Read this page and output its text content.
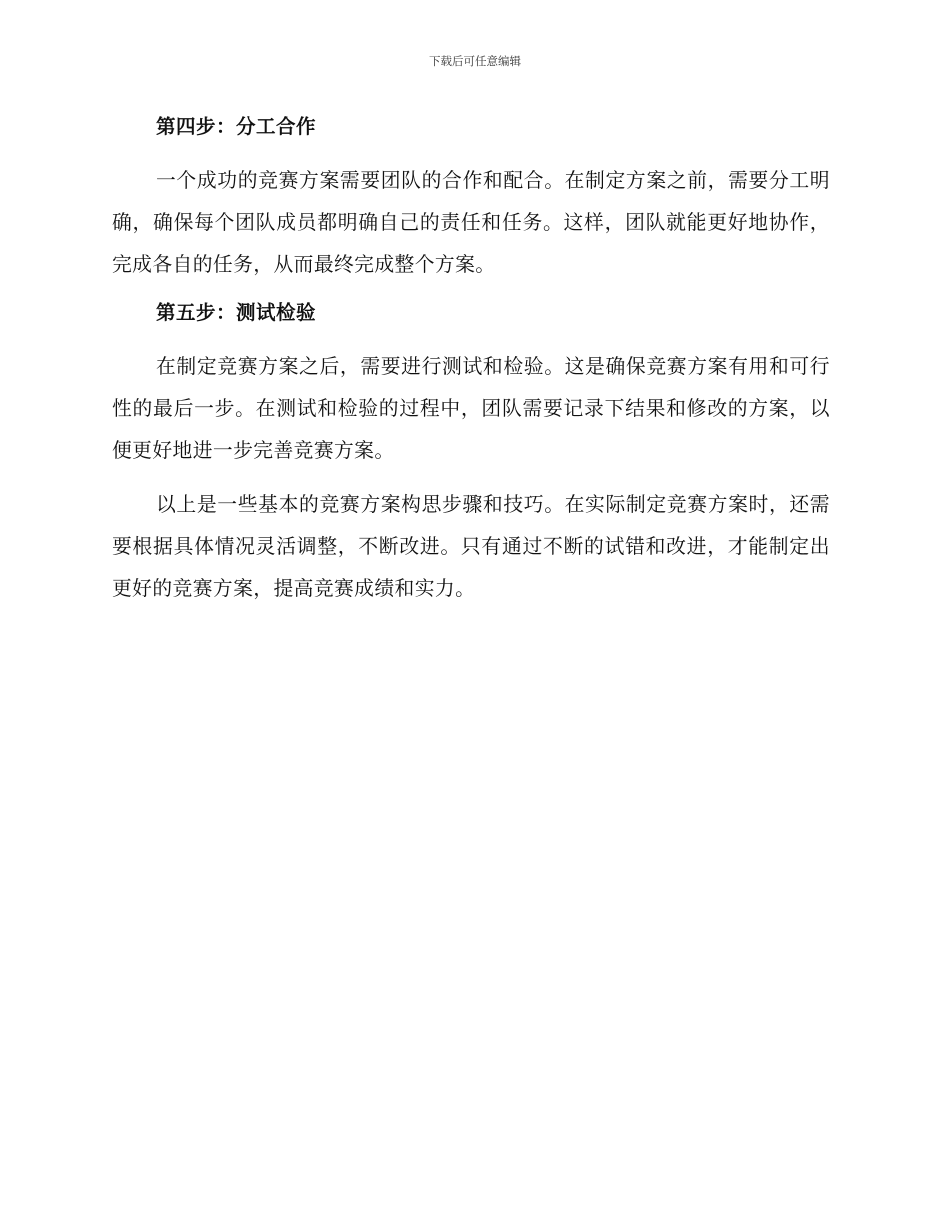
下载后可任意编辑
第四步：分工合作

一个成功的竞赛方案需要团队的合作和配合。在制定方案之前，需要分工明确，确保每个团队成员都明确自己的责任和任务。这样，团队就能更好地协作，完成各自的任务，从而最终完成整个方案。

第五步：测试检验

在制定竞赛方案之后，需要进行测试和检验。这是确保竞赛方案有用和可行性的最后一步。在测试和检验的过程中，团队需要记录下结果和修改的方案，以便更好地进一步完善竞赛方案。

以上是一些基本的竞赛方案构思步骤和技巧。在实际制定竞赛方案时，还需要根据具体情况灵活调整，不断改进。只有通过不断的试错和改进，才能制定出更好的竞赛方案，提高竞赛成绩和实力。
